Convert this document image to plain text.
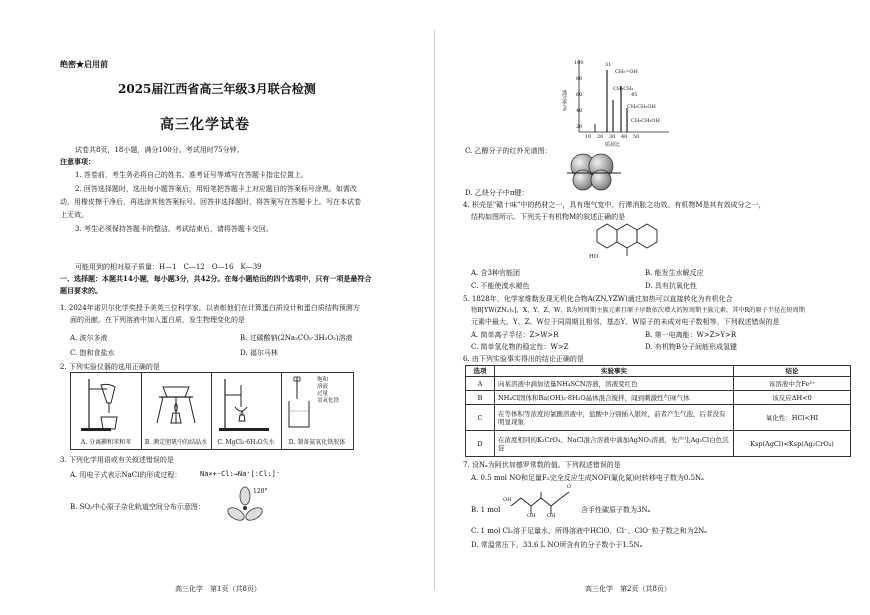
绝密★启用前
2025届江西省高三年级3月联合检测
高三化学试卷
试卷共8页，18小题，满分100分。考试用时75分钟。
注意事项：
1. 答卷前，考生务必将自己的姓名、准考证号等填写在答题卡指定位置上。
2. 回答选择题时，选出每小题答案后，用铅笔把答题卡上对应题目的答案标号涂黑。如需改
动，用橡皮擦干净后，再选涂其他答案标号。回答非选择题时，将答案写在答题卡上。写在本试卷
上无效。
3. 考生必须保持答题卡的整洁。考试结束后，请将答题卡交回。
可能用到的相对原子质量：H—1　C—12　O—16　K—39
一、选择题：本题共14小题，每小题3分，共42分。在每小题给出的四个选项中，只有一项是最符合
题目要求的。
1. 2024年诺贝尔化学奖授予美英三位科学家，以表彰他们在计算蛋白质设计和蛋白质结构预测方
面的贡献。在下列溶液中加入蛋白质，发生物理变化的是
A. 波尔多液	B. 过碳酸钠(2Na₂CO₃·3H₂O₂)溶液
C. 饱和食盐水	D. 福尔马林
2. 下列实验仪器的选用正确的是
A. 分离碘和苯和苯	B. 测定胆矾中的结晶水	C. MgCl₂·6H₂O失水
饱和
溶液
过量
氢氧化铁
D. 制备氨氧化铁胶体
3. 下列化学用语或有关叙述错误的是
A. 用电子式表示NaCl的形成过程：	Na×+·Cl:→Na⁺[:Cl:]⁻
B. SO₂中心原子杂化轨道空间分布示意图：
120°
高三化学　第1页（共8页）
透过率/%
100
80
60
40
20
10 20 30 40 50
质荷比
31
CH₂=OH
CH₃CH₂
45
CH₂CH₂OH
CH₃CH₂OH
C. 乙醇分子的红外光谱图：
D. 乙炔分子中π键：
4. 枳壳是"赣十味"中的药材之一，具有理气宽中、行滞消胀之功效。有机物M是其有效成分之一，
结构如图所示。下列关于有机物M的叙述正确的是
HO
A. 含3种官能团	B. 能发生水解反应
C. 不能使溴水褪色	D. 具有抗氧化性
5. 1828年，化学家维勒发现无机化合物A(ZN,YZW)通过加热可以直接转化为有机化合
物B[YW(ZN₂)₂]，X、Y、Z、W、R为短周期主族元素且原子序数依次增大的短周期主族元素，其中R的原子半径在短周期
元素中最大，Y、Z、W位于同周期且相邻，基态Y、W原子的未成对电子数相等。下列叙述错误的是
A. 简单离子半径：Z>W>R	B. 第一电离能：W>Z>Y>R
C. 简单氢化物的稳定性：W>Z	D. 有机物B分子间能形成氢键
6. 由下列实验事实得出的结论正确的是
选项	实验事实	结论
A	向某溶液中滴加适量NH₄SCN溶液，溶液变红色	该溶液中含Fe³⁺
B	NH₄Cl固体和Ba(OH)₂·8H₂O晶体混合搅拌，闻到刺激性气味气体	该反应ΔH<0
C	在等体积等浓度的氯酸溶液中，盐酸中分别插入银丝，前者产生气泡，后者没有明显现象	氧化性：HCl<HI
D	在浓度相同的K₂CrO₄、NaCl混合溶液中滴加AgNO₃溶液，先产生Ag₂Cl白色沉淀	Ksp(AgCl)<Ksp(Ag₂CrO₄)
7. 设Nₐ为阿伏加德罗常数的值。下列叙述错误的是
A. 0.5 mol NO和足量F₂完全反应生成NOF(氟化氮)时转移电子数为0.5Nₐ
B. 1 mol
OH
O
OH OH
含手性碳原子数为3Nₐ
C. 1 mol Cl₂溶于足量水，所得溶液中HClO、Cl⁻、ClO⁻粒子数之和为2Nₐ
D. 常温常压下，33.6 L NO所含有的分子数小于1.5Nₐ
高三化学　第2页（共8页）
